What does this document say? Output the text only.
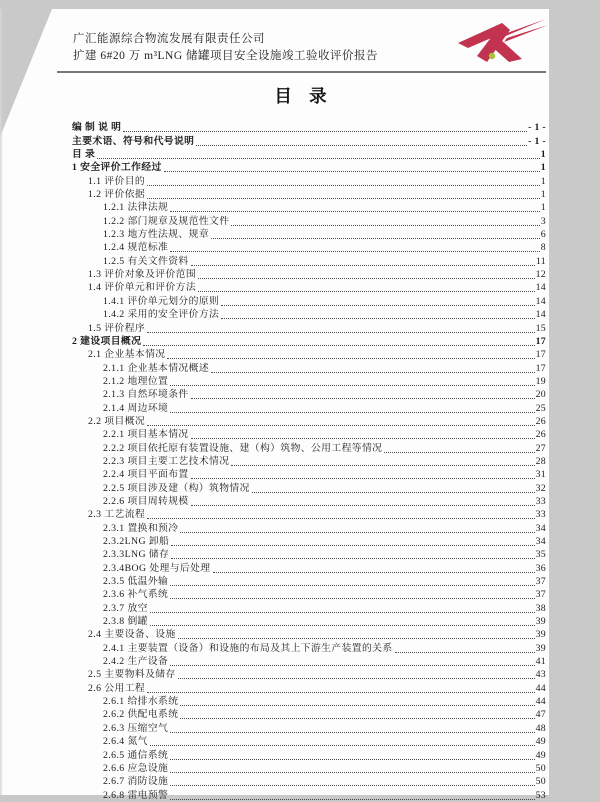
广汇能源综合物流发展有限责任公司
扩建 6#20 万 m³LNG 储罐项目安全设施竣工验收评价报告
目 录
编 制 说 明	- 1 -
主要术语、符号和代号说明	- 1 -
目 录	1
1 安全评价工作经过	1
1.1 评价目的	1
1.2 评价依据	1
1.2.1 法律法规	1
1.2.2 部门规章及规范性文件	3
1.2.3 地方性法规、规章	6
1.2.4 规范标准	8
1.2.5 有关文件资料	11
1.3 评价对象及评价范围	12
1.4 评价单元和评价方法	14
1.4.1 评价单元划分的原则	14
1.4.2 采用的安全评价方法	14
1.5 评价程序	15
2 建设项目概况	17
2.1 企业基本情况	17
2.1.1 企业基本情况概述	17
2.1.2 地理位置	19
2.1.3 自然环境条件	20
2.1.4 周边环境	25
2.2 项目概况	26
2.2.1 项目基本情况	26
2.2.2 项目依托原有装置设施、建（构）筑物、公用工程等情况	27
2.2.3 项目主要工艺技术情况	28
2.2.4 项目平面布置	31
2.2.5 项目涉及建（构）筑物情况	32
2.2.6 项目周转规模	33
2.3 工艺流程	33
2.3.1 置换和预冷	34
2.3.2LNG 卸船	34
2.3.3LNG 储存	35
2.3.4BOG 处理与后处理	36
2.3.5 低温外输	37
2.3.6 补气系统	37
2.3.7 放空	38
2.3.8 倒罐	39
2.4 主要设备、设施	39
2.4.1 主要装置（设备）和设施的布局及其上下游生产装置的关系	39
2.4.2 生产设备	41
2.5 主要物料及储存	43
2.6 公用工程	44
2.6.1 给排水系统	44
2.6.2 供配电系统	47
2.6.3 压缩空气	48
2.6.4 氮气	49
2.6.5 通信系统	49
2.6.6 应急设施	50
2.6.7 消防设施	50
2.6.8 雷电预警	53
